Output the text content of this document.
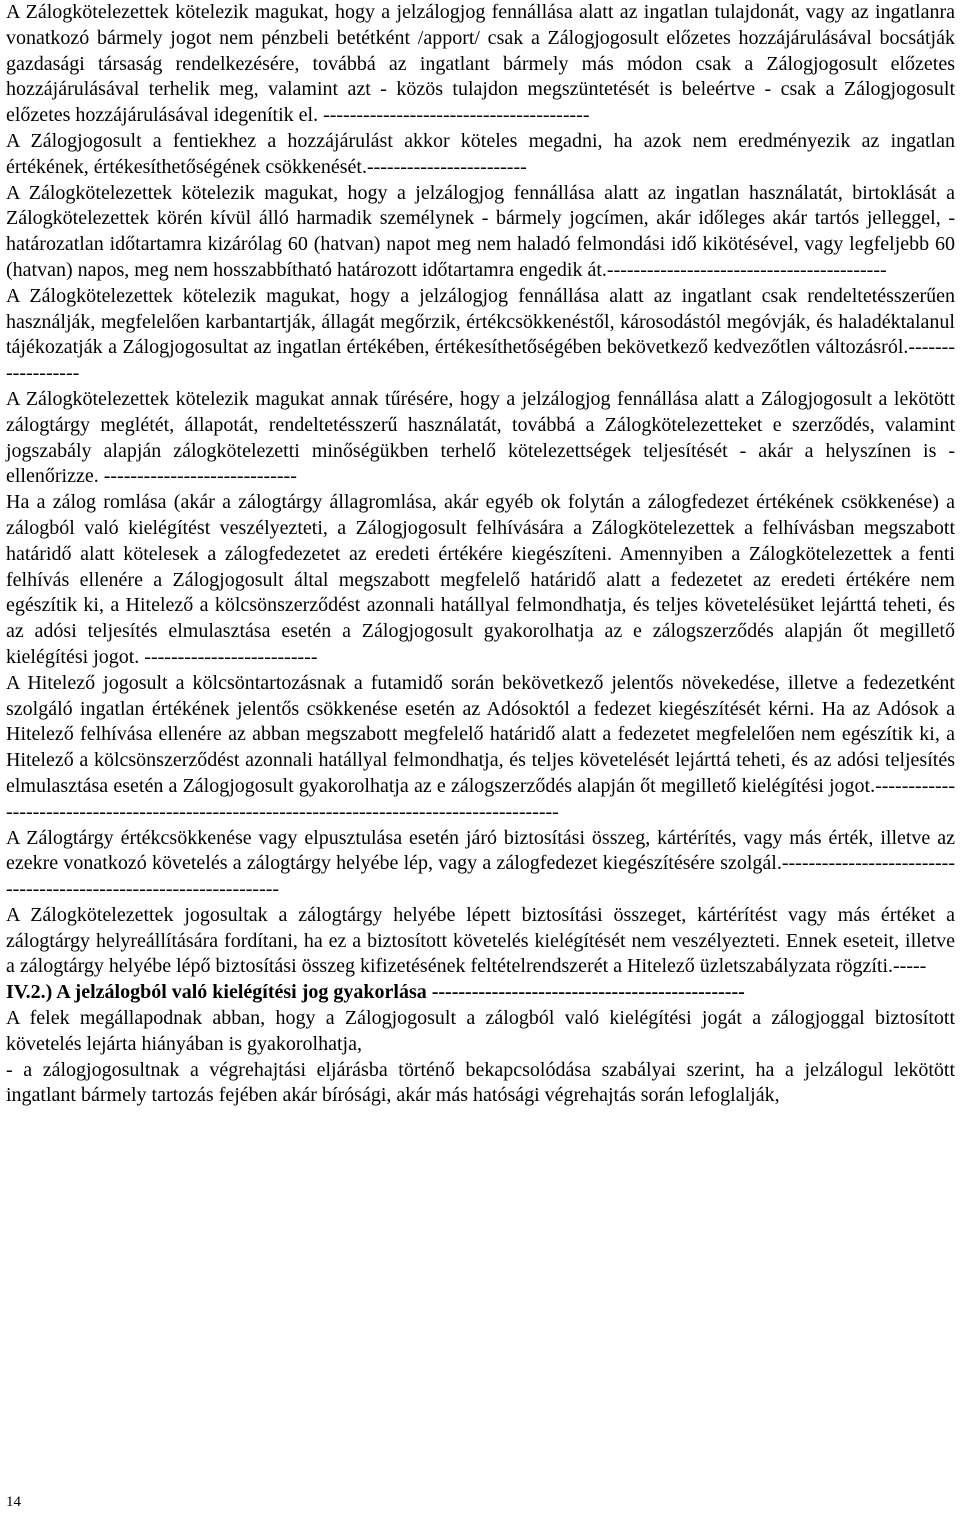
A Zálogkötelezettek kötelezik magukat, hogy a jelzálogjog fennállása alatt az ingatlan tulajdonát, vagy az ingatlanra vonatkozó bármely jogot nem pénzbeli betétként /apport/ csak a Zálogjogosult előzetes hozzájárulásával bocsátják gazdasági társaság rendelkezésére, továbbá az ingatlant bármely más módon csak a Zálogjogosult előzetes hozzájárulásával terhelik meg, valamint azt - közös tulajdon megszüntetését is beleértve - csak a Zálogjogosult előzetes hozzájárulásával idegenítik el. ----------------------------------------

A Zálogjogosult a fentiekhez a hozzájárulást akkor köteles megadni, ha azok nem eredményezik az ingatlan értékének, értékesíthetőségének csökkenését.------------------------

A Zálogkötelezettek kötelezik magukat, hogy a jelzálogjog fennállása alatt az ingatlan használatát, birtoklását a Zálogkötelezettek körén kívül álló harmadik személynek - bármely jogcímen, akár időleges akár tartós jelleggel, - határozatlan időtartamra kizárólag 60 (hatvan) napot meg nem haladó felmondási idő kikötésével, vagy legfeljebb 60 (hatvan) napos, meg nem hosszabbítható határozott időtartamra engedik át.------------------------------------------

A Zálogkötelezettek kötelezik magukat, hogy a jelzálogjog fennállása alatt az ingatlant csak rendeltetésszerűen használják, megfelelően karbantartják, állagát megőrzik, értékcsökkenéstől, károsodástól megóvják, és haladéktalanul tájékozatják a Zálogjogosultat az ingatlan értékében, értékesíthetőségében bekövetkező kedvezőtlen változásról.------------------

A Zálogkötelezettek kötelezik magukat annak tűrésére, hogy a jelzálogjog fennállása alatt a Zálogjogosult a lekötött zálogtárgy meglétét, állapotát, rendeltetésszerű használatát, továbbá a Zálogkötelezetteket e szerződés, valamint jogszabály alapján zálogkötelezetti minőségükben terhelő kötelezettségek teljesítését - akár a helyszínen is - ellenőrizze. -----------------------------

Ha a zálog romlása (akár a zálogtárgy állagromlása, akár egyéb ok folytán a zálogfedezet értékének csökkenése) a zálogból való kielégítést veszélyezteti, a Zálogjogosult felhívására a Zálogkötelezettek a felhívásban megszabott határidő alatt kötelesek a zálogfedezetet az eredeti értékére kiegészíteni. Amennyiben a Zálogkötelezettek a fenti felhívás ellenére a Zálogjogosult által megszabott megfelelő határidő alatt a fedezetet az eredeti értékére nem egészítik ki, a Hitelező a kölcsönszerződést azonnali hatállyal felmondhatja, és teljes követelésüket lejárttá teheti, és az adósi teljesítés elmulasztása esetén a Zálogjogosult gyakorolhatja az e zálogszerződés alapján őt megillető kielégítési jogot. --------------------------

A Hitelező jogosult a kölcsöntartozásnak a futamidő során bekövetkező jelentős növekedése, illetve a fedezetként szolgáló ingatlan értékének jelentős csökkenése esetén az Adósoktól a fedezet kiegészítését kérni. Ha az Adósok a Hitelező felhívása ellenére az abban megszabott megfelelő határidő alatt a fedezetet megfelelően nem egészítik ki, a Hitelező a kölcsönszerződést azonnali hatállyal felmondhatja, és teljes követelését lejárttá teheti, és az adósi teljesítés elmulasztása esetén a Zálogjogosult gyakorolhatja az e zálogszerződés alapján őt megillető kielégítési jogot.-----------------------------------------------------------------------------------------------

A Zálogtárgy értékcsökkenése vagy elpusztulása esetén járó biztosítási összeg, kártérítés, vagy más érték, illetve az ezekre vonatkozó követelés a zálogtárgy helyébe lép, vagy a zálogfedezet kiegészítésére szolgál.-------------------------------------------------------------------

A Zálogkötelezettek jogosultak a zálogtárgy helyébe lépett biztosítási összeget, kártérítést vagy más értéket a zálogtárgy helyreállítására fordítani, ha ez a biztosított követelés kielégítését nem veszélyezteti. Ennek eseteit, illetve a zálogtárgy helyébe lépő biztosítási összeg kifizetésének feltételrendszerét a Hitelező üzletszabályzata rögzíti.-----

IV.2.) A jelzálogból való kielégítési jog gyakorlása -----------------------------------------------

A felek megállapodnak abban, hogy a Zálogjogosult a zálogból való kielégítési jogát a zálogjoggal biztosított követelés lejárta hiányában is gyakorolhatja,

- a zálogjogosultnak a végrehajtási eljárásba történő bekapcsolódása szabályai szerint, ha a jelzálogul lekötött ingatlant bármely tartozás fejében akár bírósági, akár más hatósági végrehajtás során lefoglalják,

14
